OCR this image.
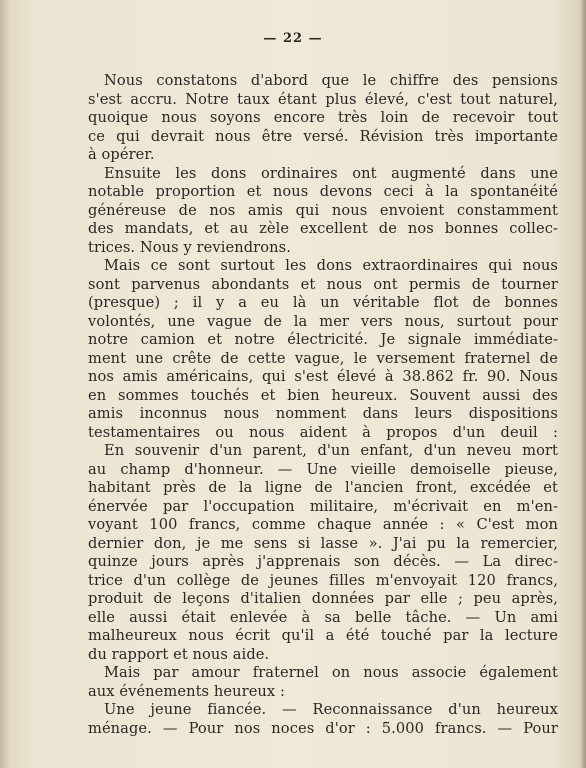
— 22 —
Nous constatons d'abord que le chiffre des pensions
s'est accru. Notre taux étant plus élevé, c'est tout naturel,
quoique nous soyons encore très loin de recevoir tout
ce qui devrait nous être versé. Révision très importante
à opérer.
Ensuite les dons ordinaires ont augmenté dans une
notable proportion et nous devons ceci à la spontanéité
généreuse de nos amis qui nous envoient constamment
des mandats, et au zèle excellent de nos bonnes collec-
trices. Nous y reviendrons.
Mais ce sont surtout les dons extraordinaires qui nous
sont parvenus abondants et nous ont permis de tourner
(presque) ; il y a eu là un véritable flot de bonnes
volontés, une vague de la mer vers nous, surtout pour
notre camion et notre électricité. Je signale immédiate-
ment une crête de cette vague, le versement fraternel de
nos amis américains, qui s'est élevé à 38.862 fr. 90. Nous
en sommes touchés et bien heureux. Souvent aussi des
amis inconnus nous nomment dans leurs dispositions
testamentaires ou nous aident à propos d'un deuil :
En souvenir d'un parent, d'un enfant, d'un neveu mort
au champ d'honneur. — Une vieille demoiselle pieuse,
habitant près de la ligne de l'ancien front, excédée et
énervée par l'occupation militaire, m'écrivait en m'en-
voyant 100 francs, comme chaque année : « C'est mon
dernier don, je me sens si lasse ». J'ai pu la remercier,
quinze jours après j'apprenais son décès. — La direc-
trice d'un collège de jeunes filles m'envoyait 120 francs,
produit de leçons d'italien données par elle ; peu après,
elle aussi était enlevée à sa belle tâche. — Un ami
malheureux nous écrit qu'il a été touché par la lecture
du rapport et nous aide.
Mais par amour fraternel on nous associe également
aux événements heureux :
Une jeune fiancée. — Reconnaissance d'un heureux
ménage. — Pour nos noces d'or : 5.000 francs. — Pour
